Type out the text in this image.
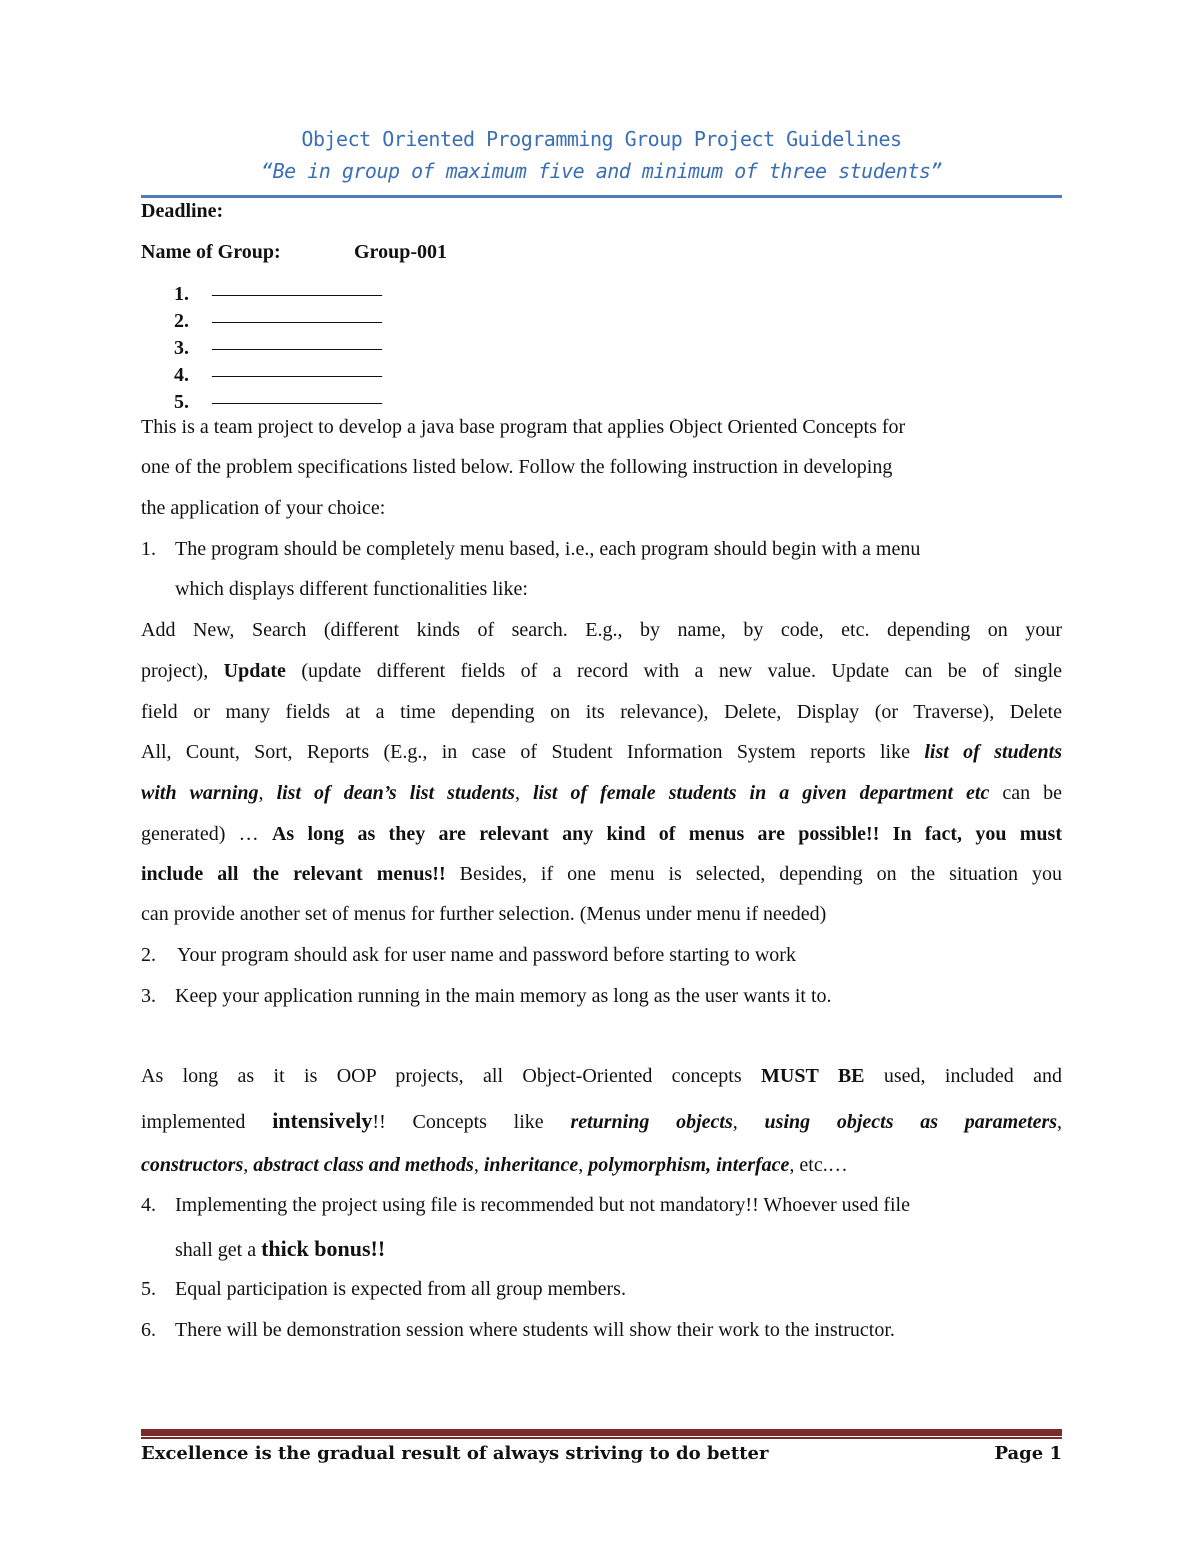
Object Oriented Programming Group Project Guidelines
“Be in group of maximum five and minimum of three students”
Deadline:
Name of Group:	Group-001
1. –––––––––––––––––
2. –––––––––––––––––
3. –––––––––––––––––
4. –––––––––––––––––
5. –––––––––––––––––
This is a team project to develop a java base program that applies Object Oriented Concepts for
one of the problem specifications listed below. Follow the following instruction in developing
the application of your choice:
1. The program should be completely menu based, i.e., each program should begin with a menu
which displays different functionalities like:
Add New, Search (different kinds of search. E.g., by name, by code, etc. depending on your
project), Update (update different fields of a record with a new value. Update can be of single
field or many fields at a time depending on its relevance), Delete, Display (or Traverse), Delete
All, Count, Sort, Reports (E.g., in case of Student Information System reports like list of students
with warning, list of dean’s list students, list of female students in a given department etc can be
generated) … As long as they are relevant any kind of menus are possible!! In fact, you must
include all the relevant menus!! Besides, if one menu is selected, depending on the situation you
can provide another set of menus for further selection. (Menus under menu if needed)
2. Your program should ask for user name and password before starting to work
3. Keep your application running in the main memory as long as the user wants it to.
As long as it is OOP projects, all Object-Oriented concepts MUST BE used, included and
implemented intensively!! Concepts like returning objects, using objects as parameters,
constructors, abstract class and methods, inheritance, polymorphism, interface, etc.…
4. Implementing the project using file is recommended but not mandatory!! Whoever used file
shall get a thick bonus!!
5. Equal participation is expected from all group members.
6. There will be demonstration session where students will show their work to the instructor.
Excellence is the gradual result of always striving to do better	Page 1
